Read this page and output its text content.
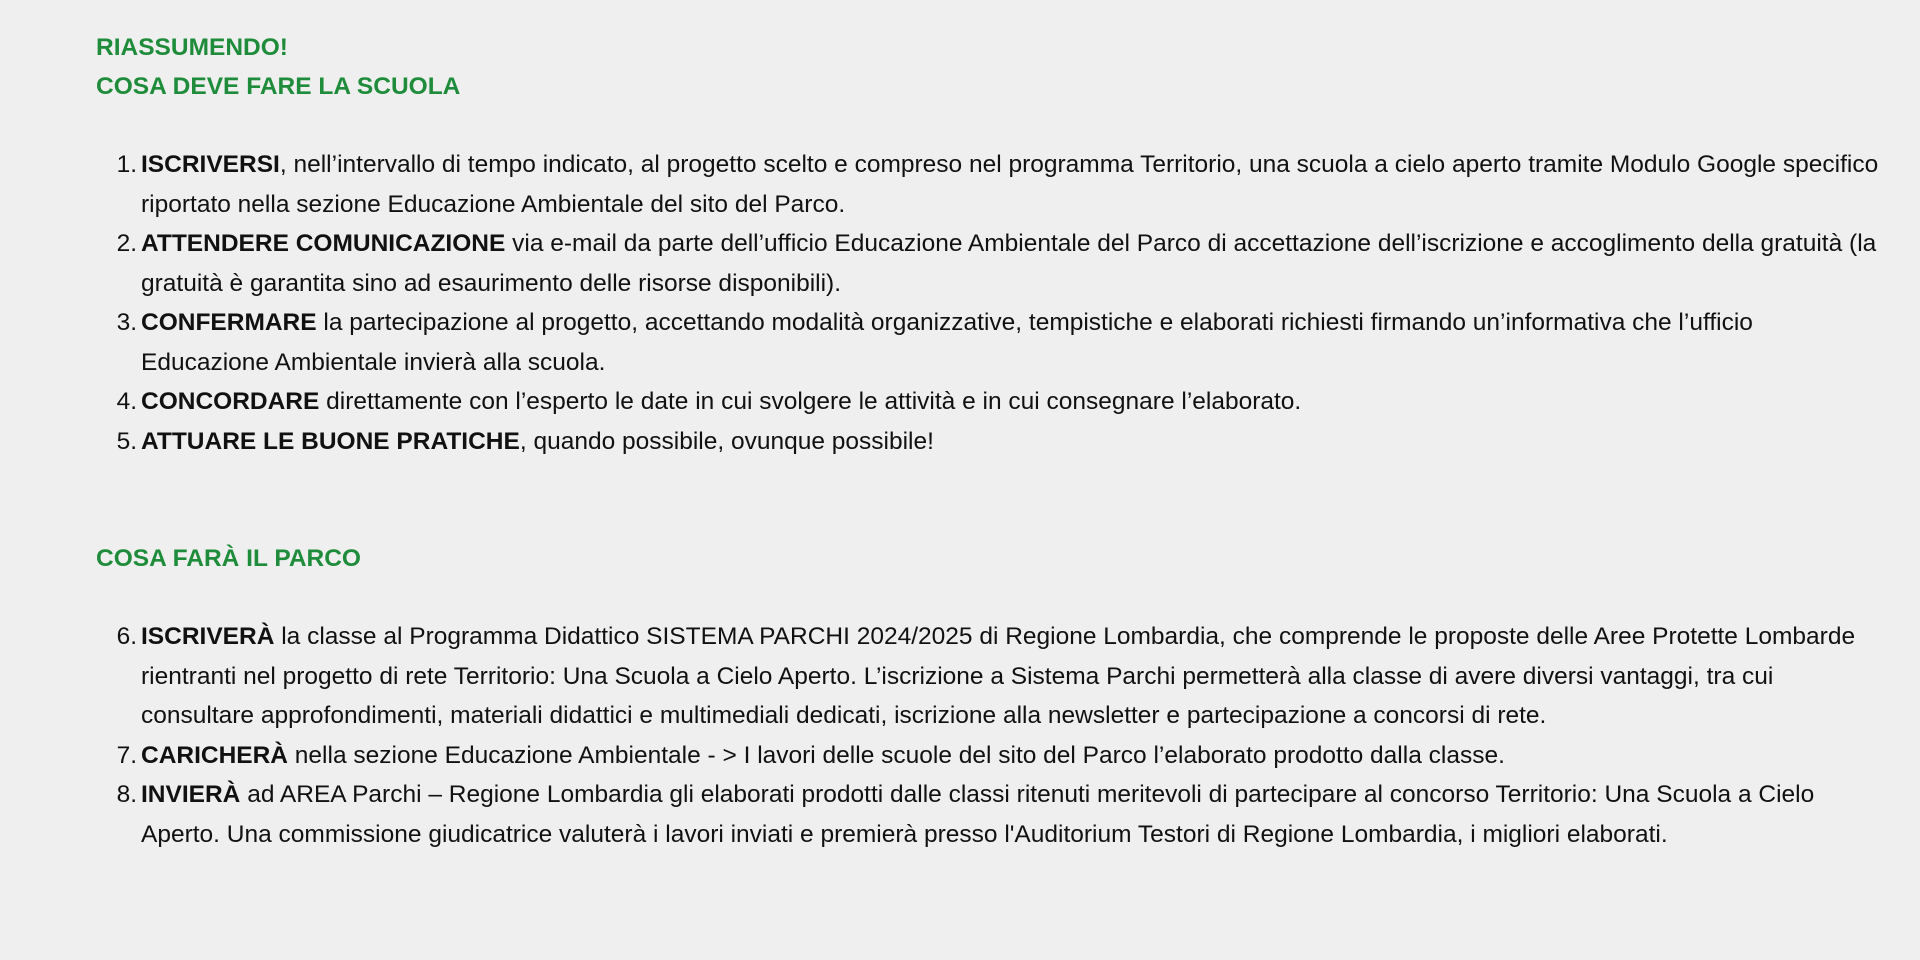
RIASSUMENDO!

COSA DEVE FARE LA SCUOLA

1. ISCRIVERSI, nell’intervallo di tempo indicato, al progetto scelto e compreso nel programma Territorio, una scuola a cielo aperto tramite Modulo Google specifico riportato nella sezione Educazione Ambientale del sito del Parco.
2. ATTENDERE COMUNICAZIONE via e-mail da parte dell’ufficio Educazione Ambientale del Parco di accettazione dell’iscrizione e accoglimento della gratuità (la gratuità è garantita sino ad esaurimento delle risorse disponibili).
3. CONFERMARE la partecipazione al progetto, accettando modalità organizzative, tempistiche e elaborati richiesti firmando un’informativa che l’ufficio Educazione Ambientale invierà alla scuola.
4. CONCORDARE direttamente con l’esperto le date in cui svolgere le attività e in cui consegnare l’elaborato.
5. ATTUARE LE BUONE PRATICHE, quando possibile, ovunque possibile!

COSA FARÀ IL PARCO

6. ISCRIVERÀ la classe al Programma Didattico SISTEMA PARCHI 2024/2025 di Regione Lombardia, che comprende le proposte delle Aree Protette Lombarde rientranti nel progetto di rete Territorio: Una Scuola a Cielo Aperto. L’iscrizione a Sistema Parchi permetterà alla classe di avere diversi vantaggi, tra cui consultare approfondimenti, materiali didattici e multimediali dedicati, iscrizione alla newsletter e partecipazione a concorsi di rete.
7. CARICHERÀ nella sezione Educazione Ambientale - > I lavori delle scuole del sito del Parco l’elaborato prodotto dalla classe.
8. INVIERÀ ad AREA Parchi – Regione Lombardia gli elaborati prodotti dalle classi ritenuti meritevoli di partecipare al concorso Territorio: Una Scuola a Cielo Aperto. Una commissione giudicatrice valuterà i lavori inviati e premierà presso l'Auditorium Testori di Regione Lombardia, i migliori elaborati.
